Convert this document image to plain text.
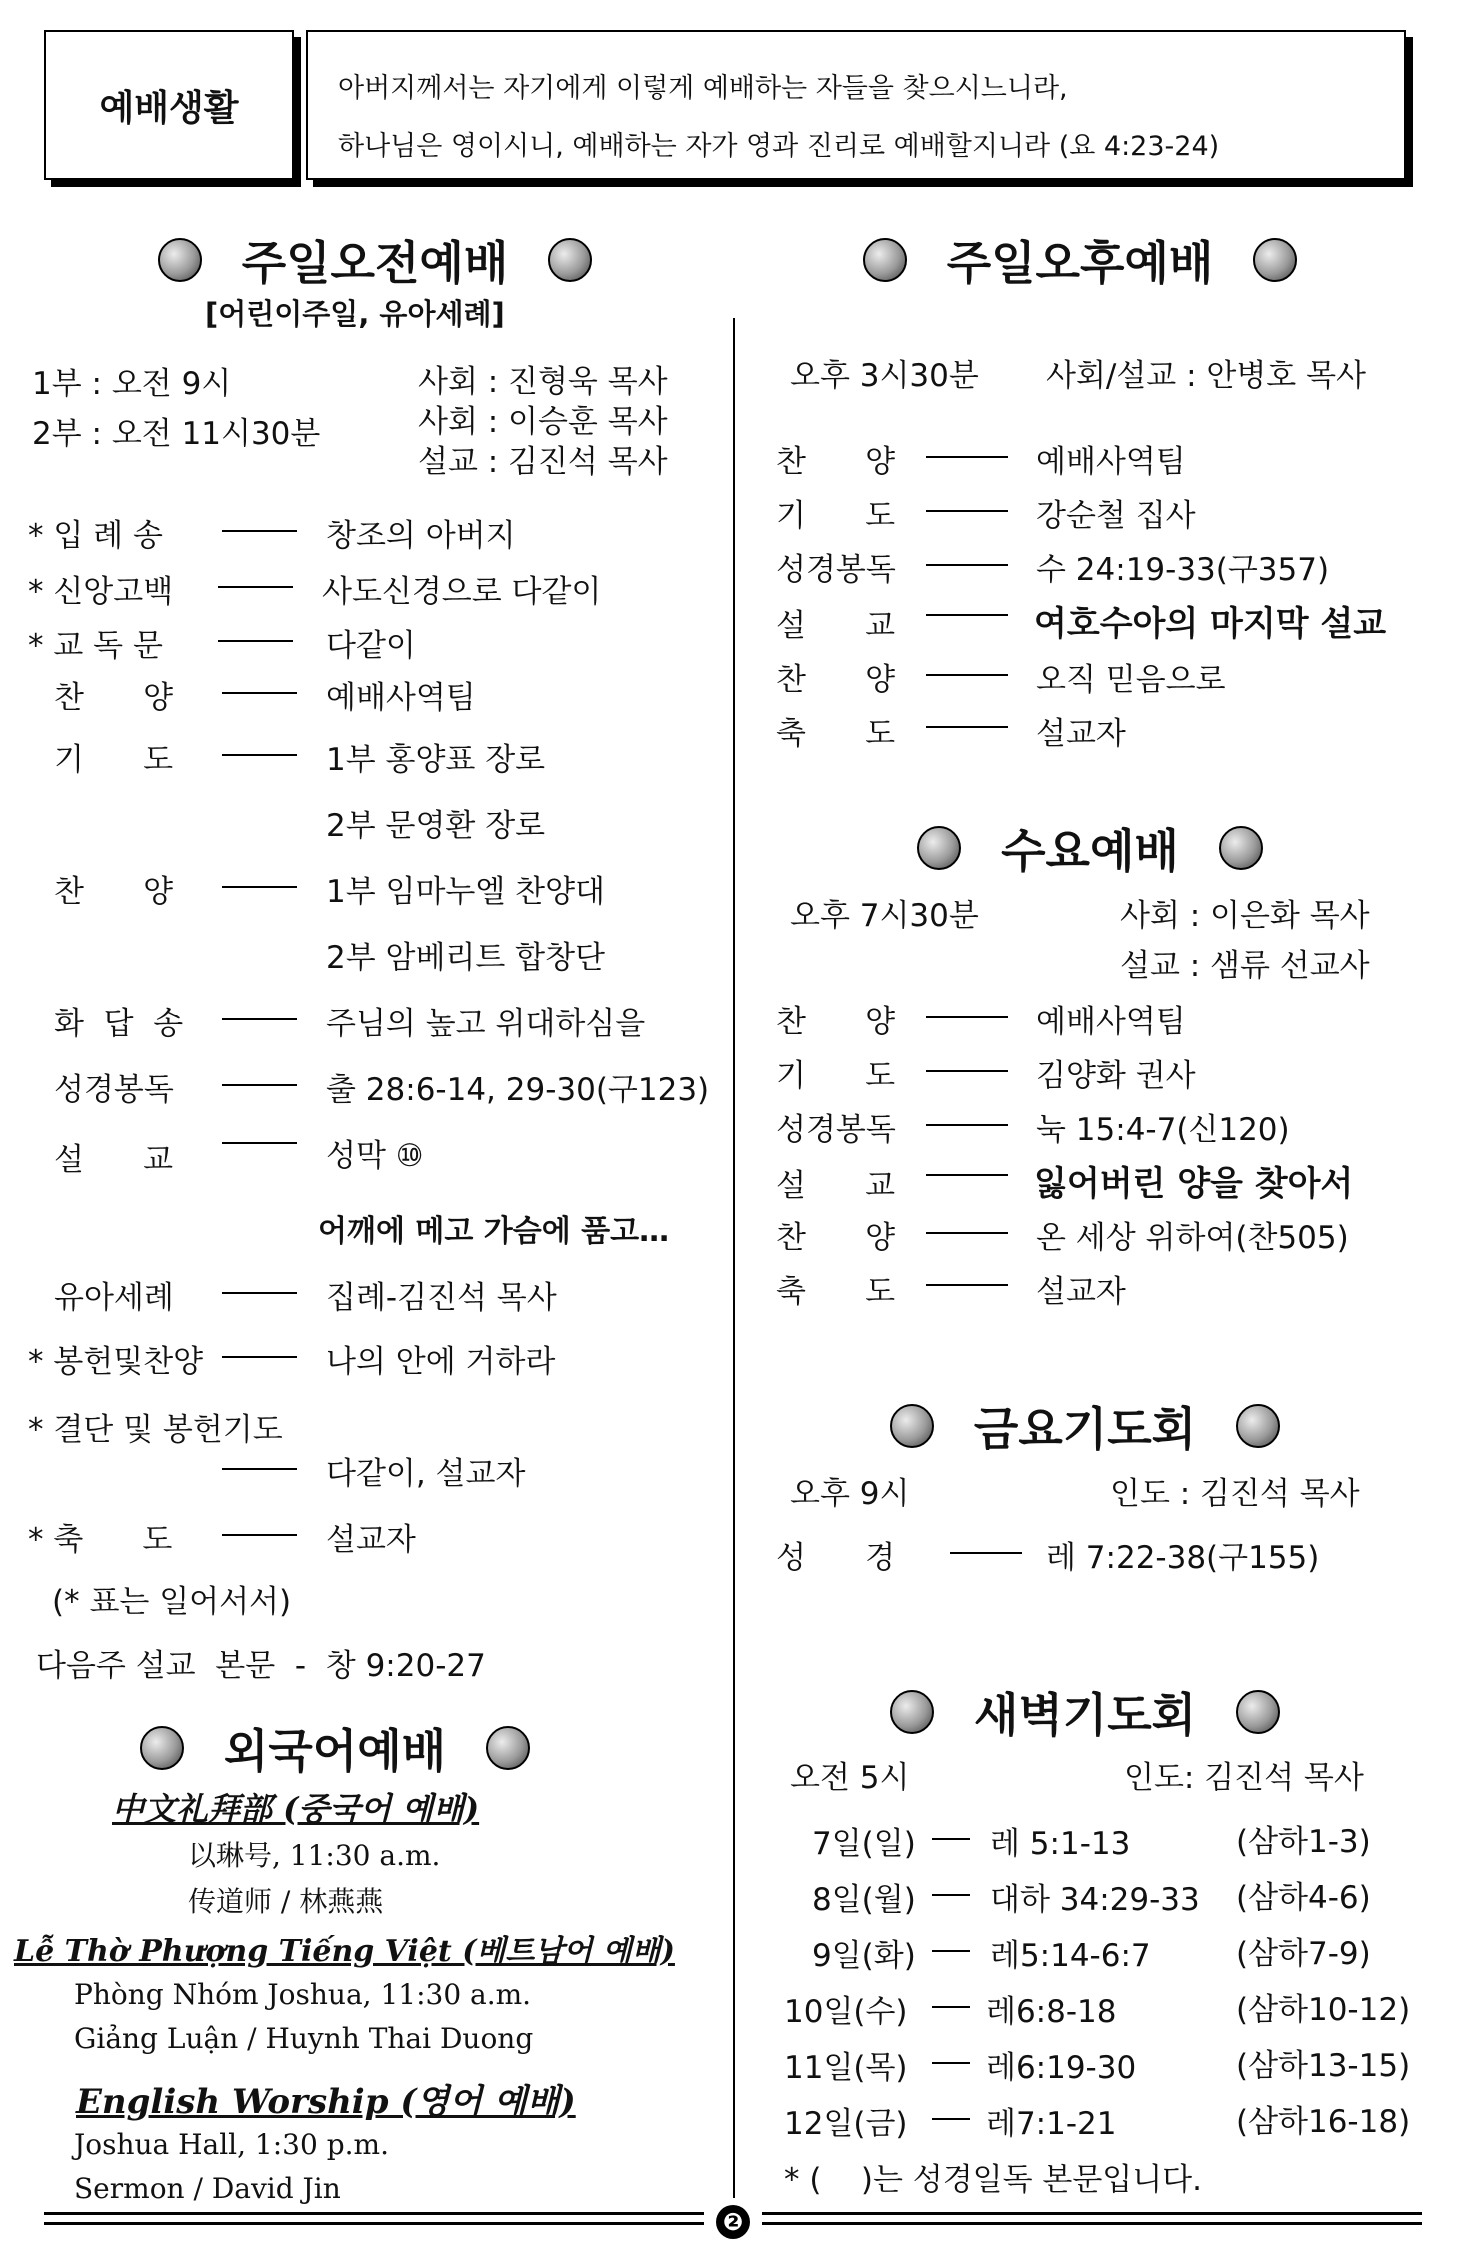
예배생활	아버지께서는 자기에게 이렇게 예배하는 자들을 찾으시느니라,
하나님은 영이시니, 예배하는 자가 영과 진리로 예배할지니라 (요 4:23-24)
주일오전예배
[어린이주일, 유아세례]
1부 : 오전 9시
2부 : 오전 11시30분
사회 : 진형욱 목사
사회 : 이승훈 목사
설교 : 김진석 목사
* 입 례 송	창조의 아버지
* 신앙고백	사도신경으로 다같이
* 교 독 문	다같이
찬      양	예배사역팀
기      도	1부 홍양표 장로
2부 문영환 장로
찬      양	1부 임마누엘 찬양대
2부 암베리트 합창단
화  답  송	주님의 높고 위대하심을
성경봉독	출 28:6-14, 29-30(구123)
설      교	성막 ⑩
어깨에 메고 가슴에 품고…
유아세례	집례-김진석 목사
* 봉헌및찬양	나의 안에 거하라
* 결단 및 봉헌기도
다같이, 설교자
* 축      도	설교자
(* 표는 일어서서)
다음주 설교  본문  -  창 9:20-27
외국어예배
中文礼拜部 (중국어 예배)
以琳号, 11:30 a.m.
传道师 / 林燕燕
Lễ Thờ Phượng Tiếng Việt (베트남어 예배)
Phòng Nhóm Joshua, 11:30 a.m.
Giảng Luận / Huynh Thai Duong
English Worship (영어 예배)
Joshua Hall, 1:30 p.m.
Sermon / David Jin
주일오후예배
오후 3시30분 사회/설교 : 안병호 목사
찬      양	예배사역팀
기      도	강순철 집사
성경봉독	수 24:19-33(구357)
설      교	여호수아의 마지막 설교
찬      양	오직 믿음으로
축      도	설교자
수요예배
오후 7시30분	사회 : 이은화 목사
설교 : 샘류 선교사
찬      양	예배사역팀
기      도	김양화 권사
성경봉독	눅 15:4-7(신120)
설      교	잃어버린 양을 찾아서
찬      양	온 세상 위하여(찬505)
축      도	설교자
금요기도회
오후 9시	인도 : 김진석 목사
성      경	레 7:22-38(구155)
새벽기도회
오전 5시	인도: 김진석 목사
7일(일) 레 5:1-13	(삼하1-3)
8일(월) 대하 34:29-33 (삼하4-6)
9일(화) 레5:14-6:7	(삼하7-9)
10일(수)	레6:8-18	(삼하10-12)
11일(목)	레6:19-30	(삼하13-15)
12일(금)	레7:1-21	(삼하16-18)
* (    )는 성경일독 본문입니다.
❷
